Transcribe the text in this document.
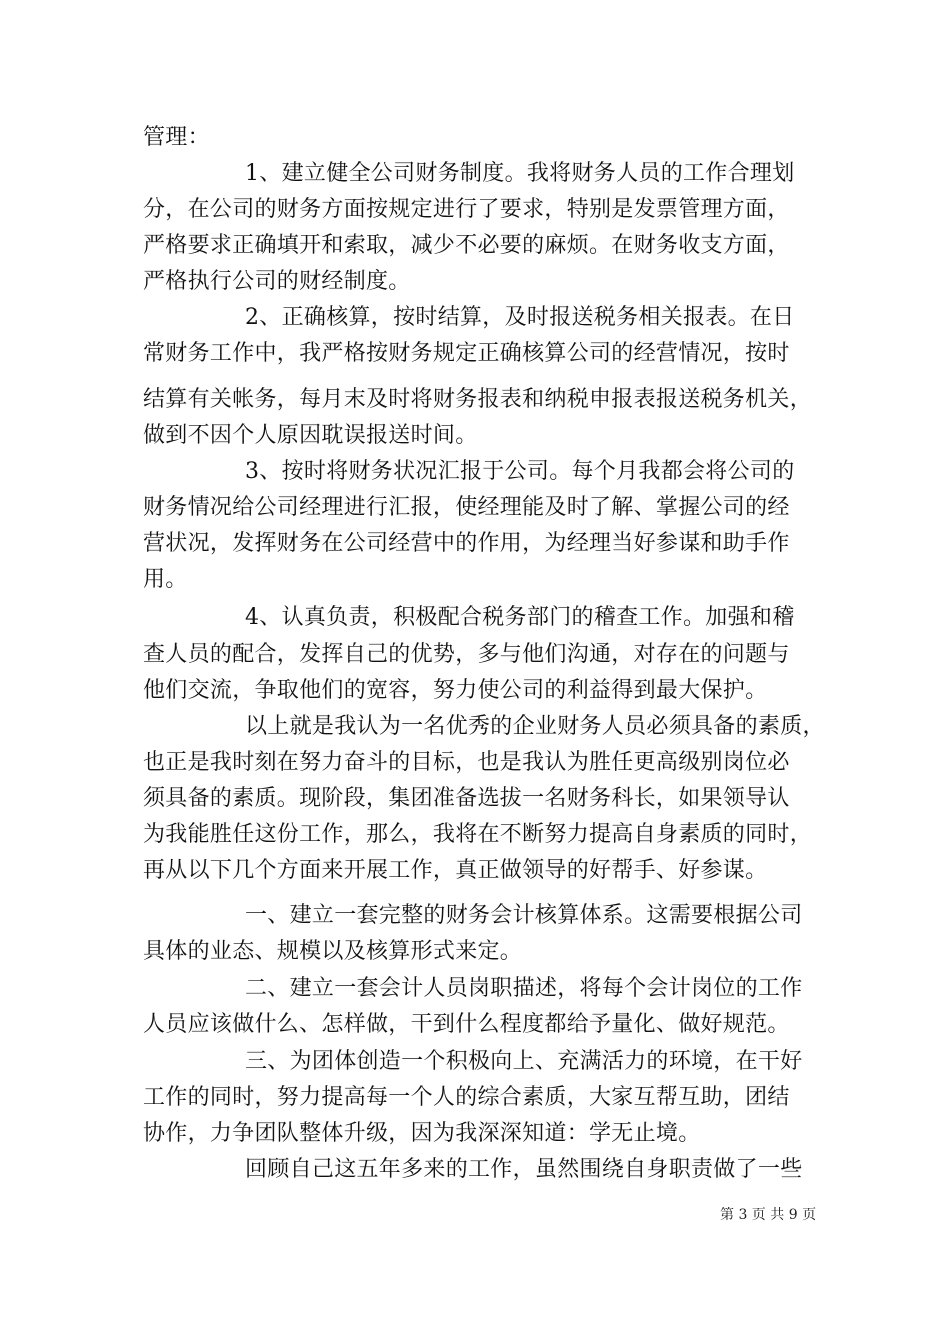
管理：
1、建立健全公司财务制度。我将财务人员的工作合理划
分，在公司的财务方面按规定进行了要求，特别是发票管理方面，
严格要求正确填开和索取，减少不必要的麻烦。在财务收支方面，
严格执行公司的财经制度。
2、正确核算，按时结算，及时报送税务相关报表。在日
常财务工作中，我严格按财务规定正确核算公司的经营情况，按时
结算有关帐务，每月末及时将财务报表和纳税申报表报送税务机关，
做到不因个人原因耽误报送时间。
3、按时将财务状况汇报于公司。每个月我都会将公司的
财务情况给公司经理进行汇报，使经理能及时了解、掌握公司的经
营状况，发挥财务在公司经营中的作用，为经理当好参谋和助手作
用。
4、认真负责，积极配合税务部门的稽查工作。加强和稽
查人员的配合，发挥自己的优势，多与他们沟通，对存在的问题与
他们交流，争取他们的宽容，努力使公司的利益得到最大保护。
以上就是我认为一名优秀的企业财务人员必须具备的素质，
也正是我时刻在努力奋斗的目标，也是我认为胜任更高级别岗位必
须具备的素质。现阶段，集团准备选拔一名财务科长，如果领导认
为我能胜任这份工作，那么，我将在不断努力提高自身素质的同时，
再从以下几个方面来开展工作，真正做领导的好帮手、好参谋。
一、建立一套完整的财务会计核算体系。这需要根据公司
具体的业态、规模以及核算形式来定。
二、建立一套会计人员岗职描述，将每个会计岗位的工作
人员应该做什么、怎样做，干到什么程度都给予量化、做好规范。
三、为团体创造一个积极向上、充满活力的环境，在干好
工作的同时，努力提高每一个人的综合素质，大家互帮互助，团结
协作，力争团队整体升级，因为我深深知道：学无止境。
回顾自己这五年多来的工作，虽然围绕自身职责做了一些
第 3 页 共 9 页
